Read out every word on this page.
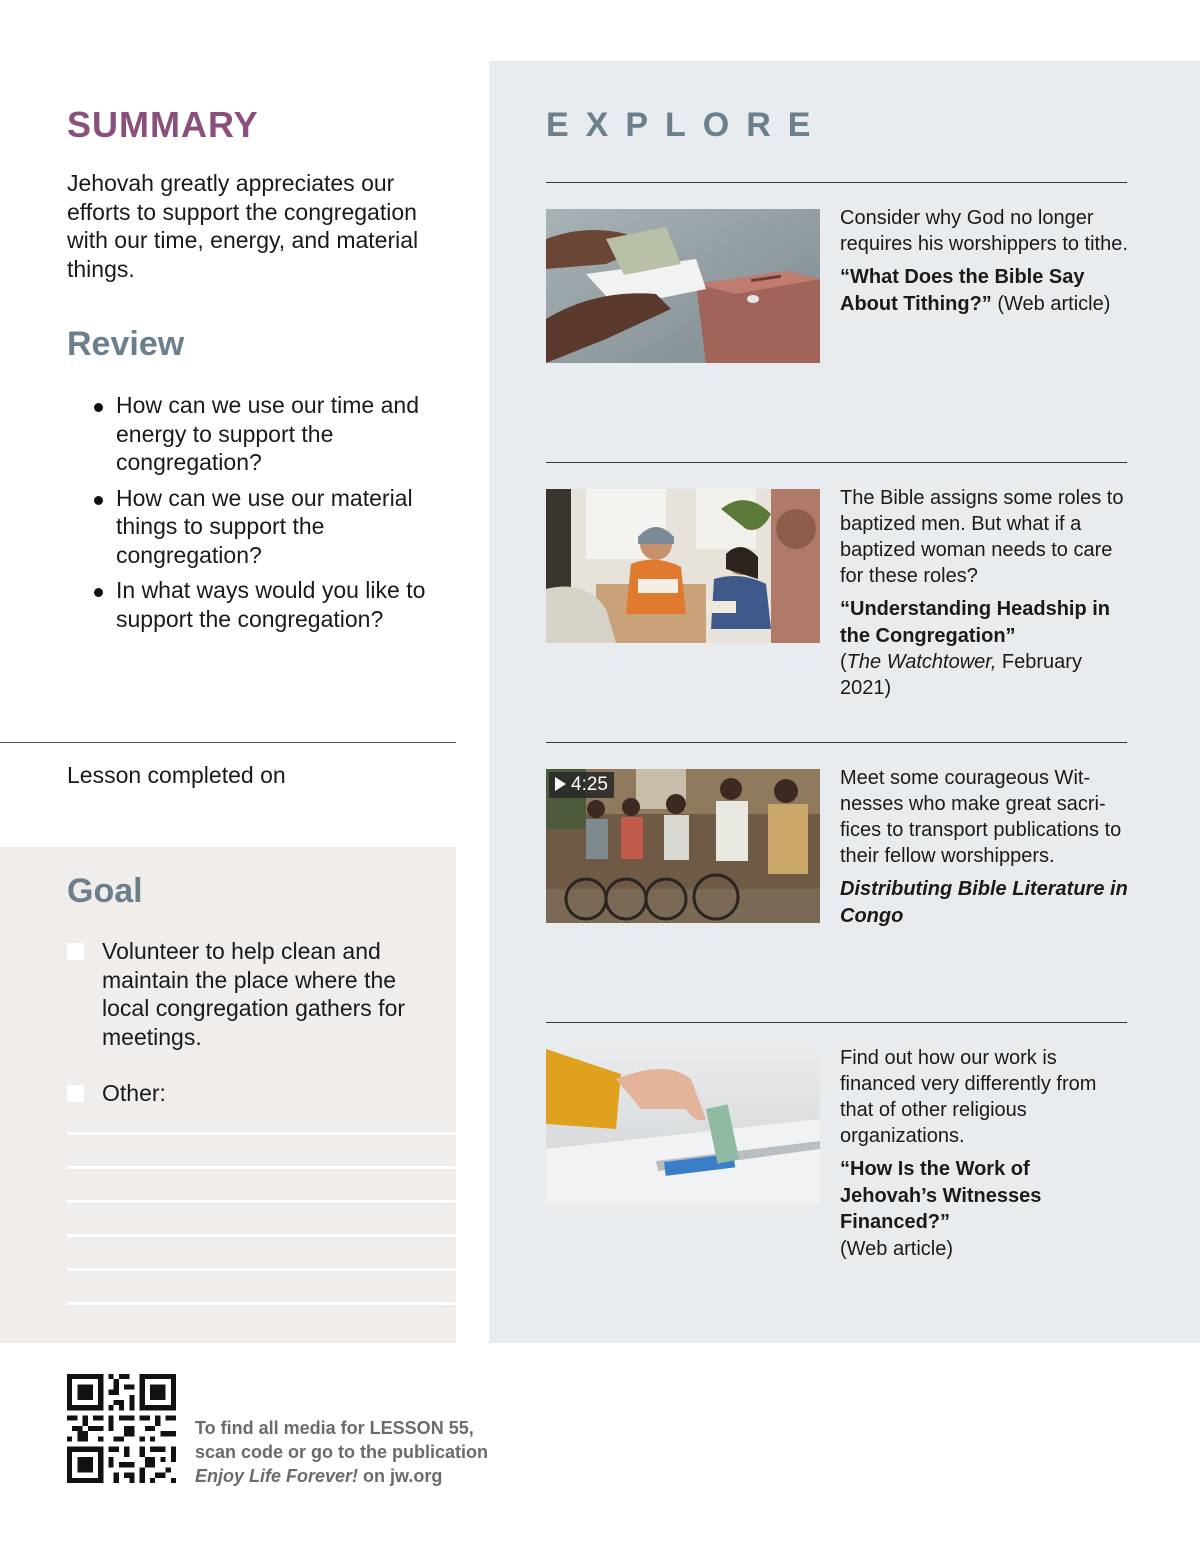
SUMMARY

Jehovah greatly appreciates our efforts to support the congregation with our time, energy, and material things.

Review
How can we use our time and energy to support the congregation?
How can we use our material things to support the congregation?
In what ways would you like to support the congregation?

Lesson completed on

Goal
Volunteer to help clean and maintain the place where the local congregation gathers for meetings.
Other:
To find all media for LESSON 55,
scan code or go to the publication
Enjoy Life Forever! on jw.org
EXPLORE

Consider why God no longer requires his worshippers to tithe.

“What Does the Bible Say About Tithing?” (Web article)

The Bible assigns some roles to baptized men. But what if a baptized woman needs to care for these roles?

“Understanding Headship in the Congregation”
(The Watchtower, February 2021)
4:25	Meet some courageous Witnesses who make great sacrifices to transport publications to their fellow worshippers.

Distributing Bible Literature in Congo

Find out how our work is financed very differently from that of other religious organizations.

“How Is the Work of Jehovah’s Witnesses Financed?”
(Web article)
